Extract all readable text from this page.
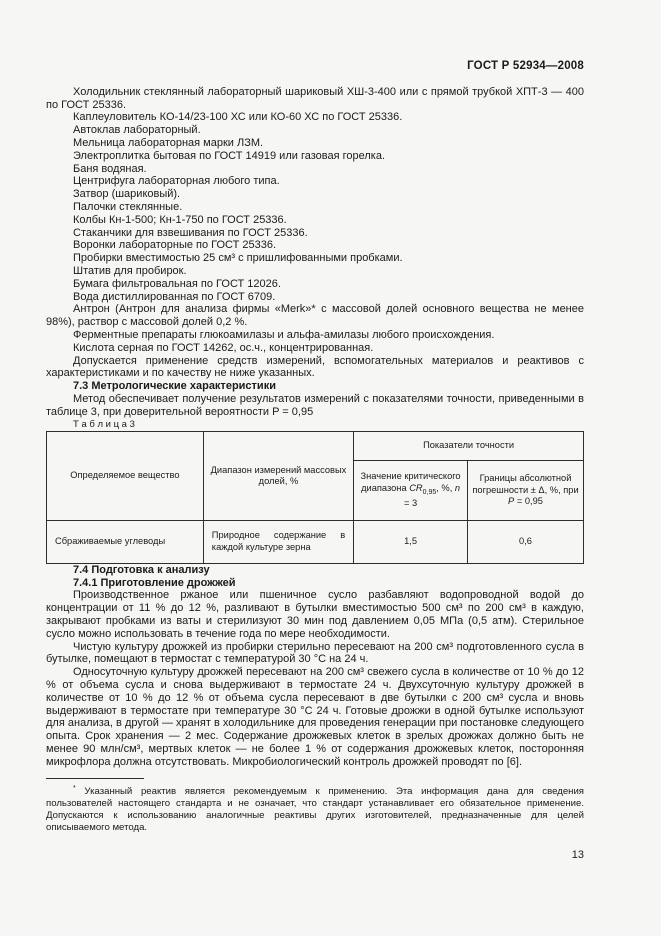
ГОСТ Р 52934—2008

Холодильник стеклянный лабораторный шариковый ХШ-3-400 или с прямой трубкой ХПТ-3 — 400 по ГОСТ 25336.

Каплеуловитель КО-14/23-100 ХС или КО-60 ХС по ГОСТ 25336.

Автоклав лабораторный.

Мельница лабораторная марки ЛЗМ.

Электроплитка бытовая по ГОСТ 14919 или газовая горелка.

Баня водяная.

Центрифуга лабораторная любого типа.

Затвор (шариковый).

Палочки стеклянные.

Колбы Кн-1-500; Кн-1-750 по ГОСТ 25336.

Стаканчики для взвешивания по ГОСТ 25336.

Воронки лабораторные по ГОСТ 25336.

Пробирки вместимостью 25 см³ с пришлифованными пробками.

Штатив для пробирок.

Бумага фильтровальная по ГОСТ 12026.

Вода дистиллированная по ГОСТ 6709.

Антрон (Антрон для анализа фирмы «Merk»* с массовой долей основного вещества не менее 98%), раствор с массовой долей 0,2 %.

Ферментные препараты глюкоамилазы и альфа-амилазы любого происхождения.

Кислота серная по ГОСТ 14262, ос.ч., концентрированная.

Допускается применение средств измерений, вспомогательных материалов и реактивов с характеристиками и по качеству не ниже указанных.

7.3 Метрологические характеристики

Метод обеспечивает получение результатов измерений с показателями точности, приведенными в таблице 3, при доверительной вероятности P = 0,95

Т а б л и ц а 3

Определяемое вещество	Диапазон измерений массовых долей, %	Показатели точности	
		Значение критического диапазона $CR_{0,95}$, %, n = 3	Границы абсолютной погрешности ± Δ, %, при P = 0,95
Сбраживаемые углеводы	Природное содержание в каждой культуре зерна	1,5	0,6

7.4 Подготовка к анализу

7.4.1 Приготовление дрожжей

Производственное ржаное или пшеничное сусло разбавляют водопроводной водой до концентрации от 11 % до 12 %, разливают в бутылки вместимостью 500 см³ по 200 см³ в каждую, закрывают пробками из ваты и стерилизуют 30 мин под давлением 0,05 МПа (0,5 атм). Стерильное сусло можно использовать в течение года по мере необходимости.

Чистую культуру дрожжей из пробирки стерильно пересевают на 200 см³ подготовленного сусла в бутылке, помещают в термостат с температурой 30 °С на 24 ч.

Односуточную культуру дрожжей пересевают на 200 см³ свежего сусла в количестве от 10 % до 12 % от объема сусла и снова выдерживают в термостате 24 ч. Двухсуточную культуру дрожжей в количестве от 10 % до 12 % от объема сусла пересевают в две бутылки с 200 см³ сусла и вновь выдерживают в термостате при температуре 30 °С 24 ч. Готовые дрожжи в одной бутылке используют для анализа, в другой — хранят в холодильнике для проведения генерации при постановке следующего опыта. Срок хранения — 2 мес. Содержание дрожжевых клеток в зрелых дрожжах должно быть не менее 90 млн/см³, мертвых клеток — не более 1 % от содержания дрожжевых клеток, посторонняя микрофлора должна отсутствовать. Микробиологический контроль дрожжей проводят по [6].

* Указанный реактив является рекомендуемым к применению. Эта информация дана для сведения пользователей настоящего стандарта и не означает, что стандарт устанавливает его обязательное применение. Допускаются к использованию аналогичные реактивы других изготовителей, предназначенные для целей описываемого метода.

13
